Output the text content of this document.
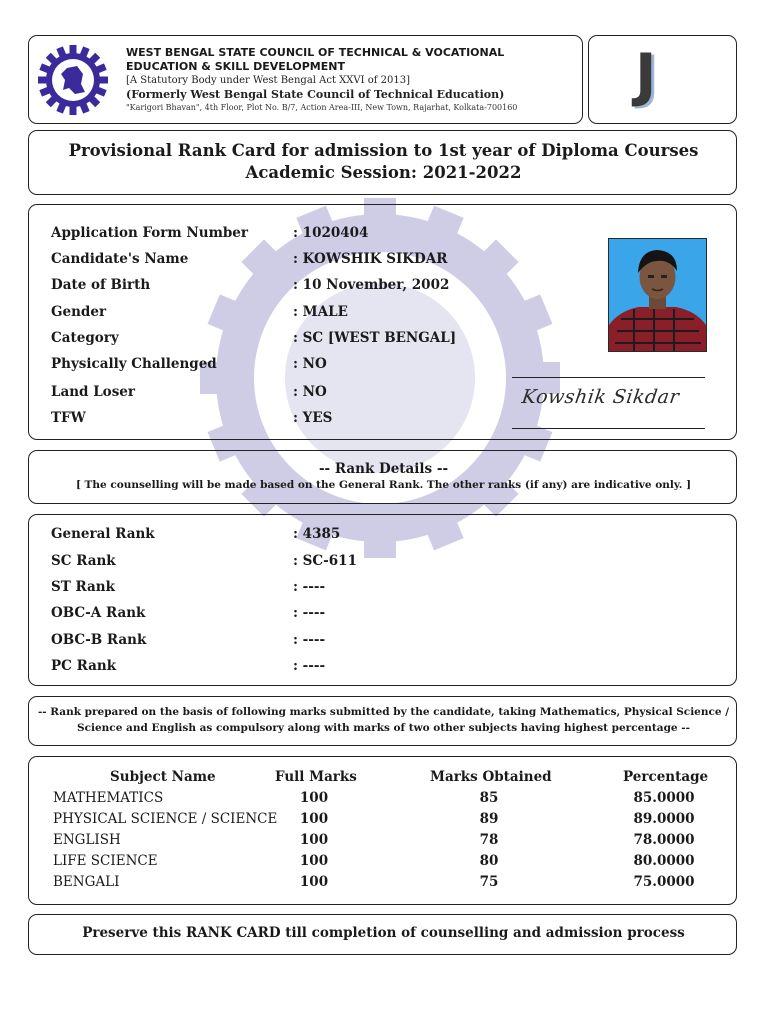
WEST BENGAL STATE COUNCIL OF TECHNICAL & VOCATIONAL
EDUCATION & SKILL DEVELOPMENT
[A Statutory Body under West Bengal Act XXVI of 2013]
(Formerly West Bengal State Council of Technical Education)
"Karigori Bhavan", 4th Floor, Plot No. B/7, Action Area-III, New Town, Rajarhat, Kolkata-700160 J
Provisional Rank Card for admission to 1st year of Diploma Courses
Academic Session: 2021-2022
Application Form Number	: 1020404
Candidate's Name	: KOWSHIK SIKDAR
Date of Birth	: 10 November, 2002
Gender	: MALE
Category	: SC [WEST BENGAL]
Physically Challenged	: NO
Land Loser	: NO
TFW	: YES
Kowshik Sikdar
-- Rank Details --
[ The counselling will be made based on the General Rank. The other ranks (if any) are indicative only. ]
General Rank	: 4385
SC Rank	: SC-611
ST Rank	: ----
OBC-A Rank	: ----
OBC-B Rank	: ----
PC Rank	: ----
-- Rank prepared on the basis of following marks submitted by the candidate, taking Mathematics, Physical Science /
Science and English as compulsory along with marks of two other subjects having highest percentage --
Subject Name	Full Marks	Marks Obtained	Percentage
MATHEMATICS	100	85	85.0000
PHYSICAL SCIENCE / SCIENCE	100	89	89.0000
ENGLISH	100	78	78.0000
LIFE SCIENCE	100	80	80.0000
BENGALI	100	75	75.0000
Preserve this RANK CARD till completion of counselling and admission process
